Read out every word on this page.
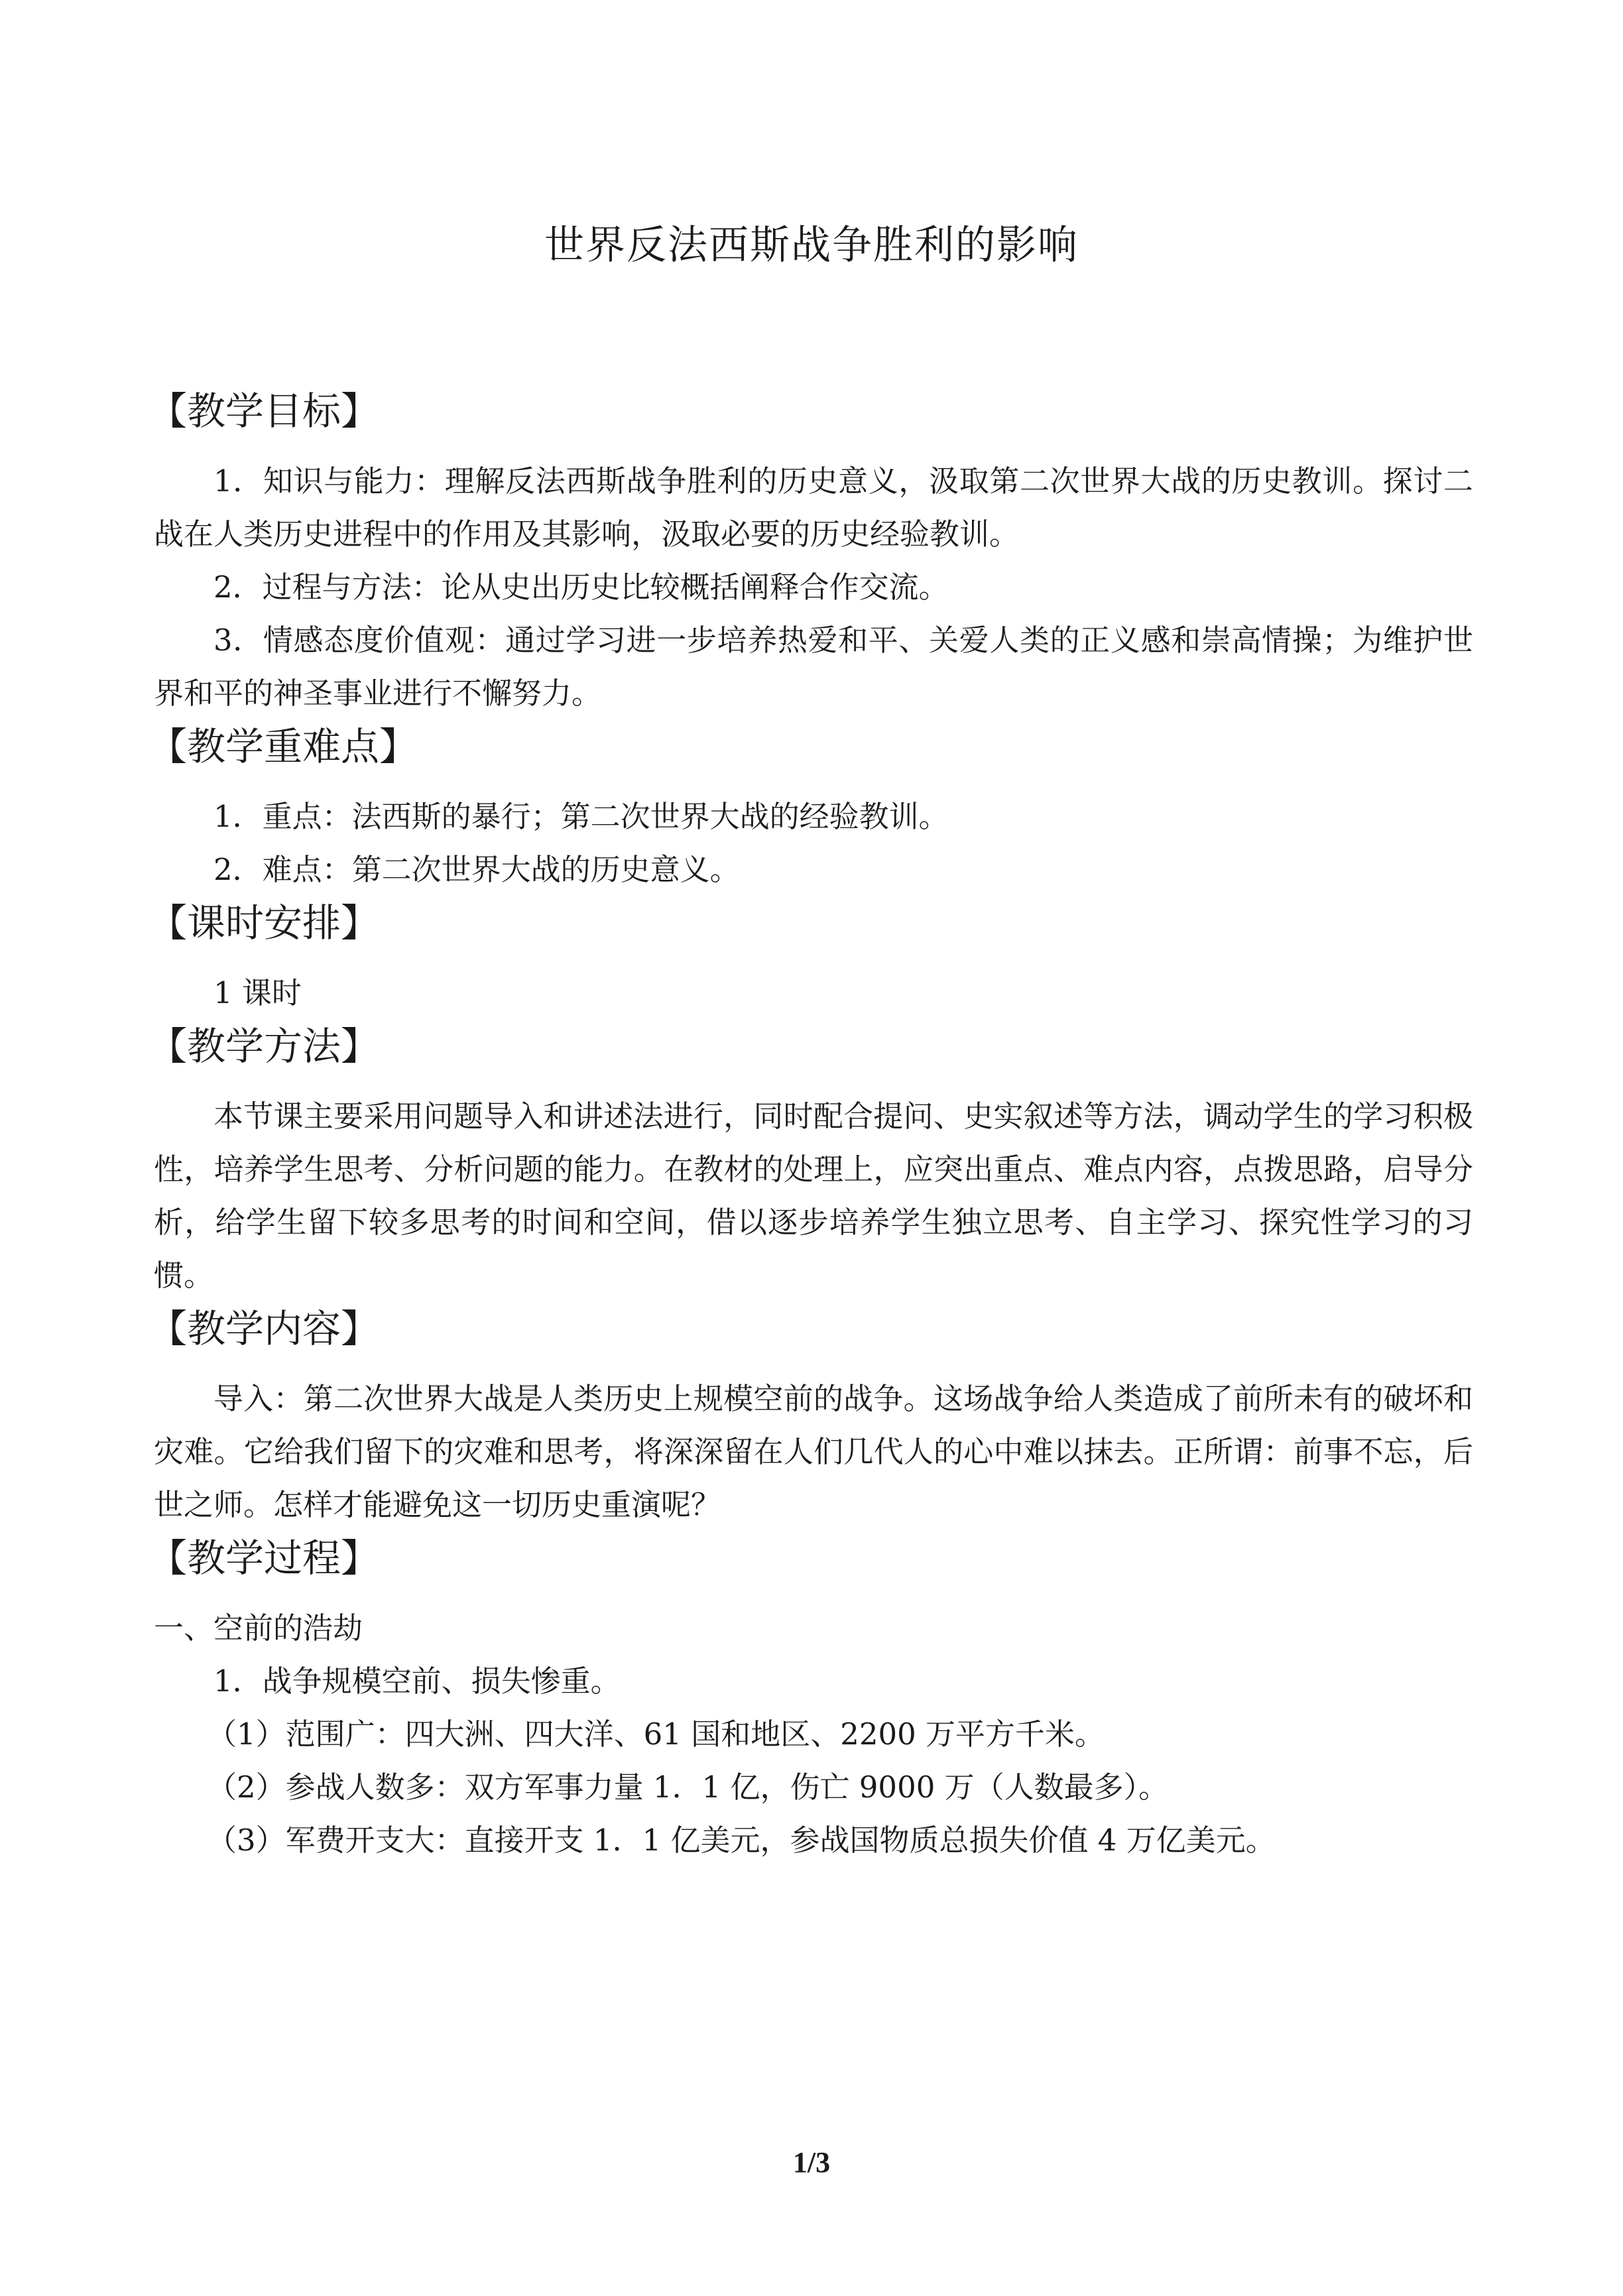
世界反法西斯战争胜利的影响

【教学目标】

1．知识与能力：理解反法西斯战争胜利的历史意义，汲取第二次世界大战的历史教训。探讨二战在人类历史进程中的作用及其影响，汲取必要的历史经验教训。

2．过程与方法：论从史出历史比较概括阐释合作交流。

3．情感态度价值观：通过学习进一步培养热爱和平、关爱人类的正义感和崇高情操；为维护世界和平的神圣事业进行不懈努力。

【教学重难点】

1．重点：法西斯的暴行；第二次世界大战的经验教训。

2．难点：第二次世界大战的历史意义。

【课时安排】

1 课时

【教学方法】

本节课主要采用问题导入和讲述法进行，同时配合提问、史实叙述等方法，调动学生的学习积极性，培养学生思考、分析问题的能力。在教材的处理上，应突出重点、难点内容，点拨思路，启导分析，给学生留下较多思考的时间和空间，借以逐步培养学生独立思考、自主学习、探究性学习的习惯。

【教学内容】

导入：第二次世界大战是人类历史上规模空前的战争。这场战争给人类造成了前所未有的破坏和灾难。它给我们留下的灾难和思考，将深深留在人们几代人的心中难以抹去。正所谓：前事不忘，后世之师。怎样才能避免这一切历史重演呢？

【教学过程】

一、空前的浩劫

1．战争规模空前、损失惨重。

（1）范围广：四大洲、四大洋、61 国和地区、2200 万平方千米。

（2）参战人数多：双方军事力量 1．1 亿，伤亡 9000 万（人数最多）。

（3）军费开支大：直接开支 1．1 亿美元，参战国物质总损失价值 4 万亿美元。

1/3
